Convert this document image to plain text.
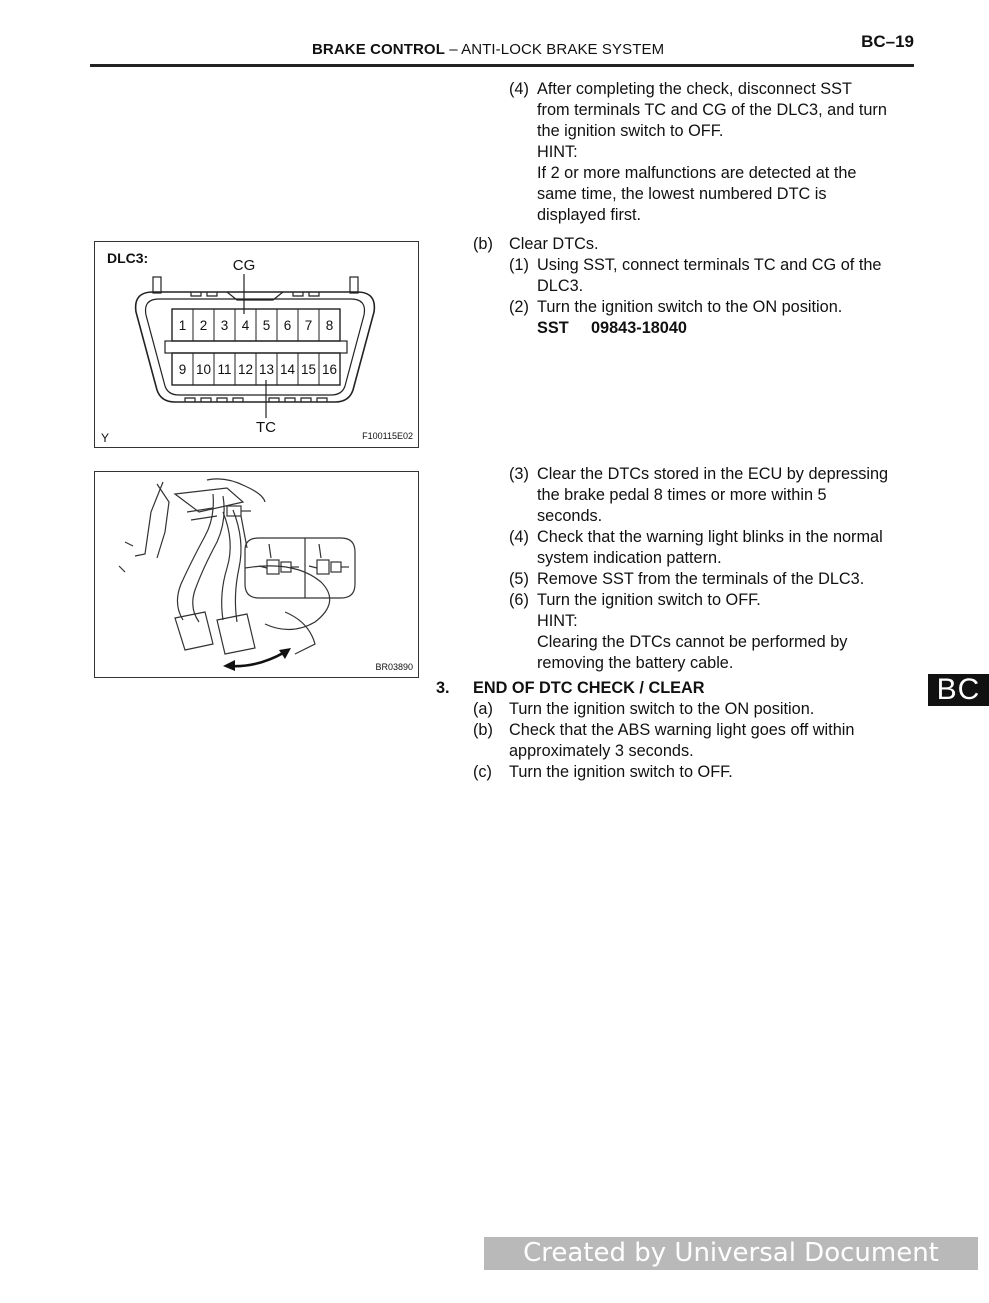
BRAKE CONTROL – ANTI-LOCK BRAKE SYSTEM	BC–19
(4) After completing the check, disconnect SST
from terminals TC and CG of the DLC3, and turn
the ignition switch to OFF.
HINT:
If 2 or more malfunctions are detected at the
same time, the lowest numbered DTC is
displayed first.
(b) Clear DTCs.
(1) Using SST, connect terminals TC and CG of the
DLC3.
(2) Turn the ignition switch to the ON position.
SST 09843-18040
(3) Clear the DTCs stored in the ECU by depressing
the brake pedal 8 times or more within 5
seconds.
(4) Check that the warning light blinks in the normal
system indication pattern.
(5) Remove SST from the terminals of the DLC3.
(6) Turn the ignition switch to OFF.
HINT:
Clearing the DTCs cannot be performed by
removing the battery cable.
3. END OF DTC CHECK / CLEAR
(a) Turn the ignition switch to the ON position.
(b) Check that the ABS warning light goes off within
approximately 3 seconds.
(c) Turn the ignition switch to OFF.
1 2 3 4 5 6 7 8
9 10 11 12 13 14 15 16
DLC3:	CG
TC
Y	F100115E02
BR03890
BC
Created by Universal Document Converter
